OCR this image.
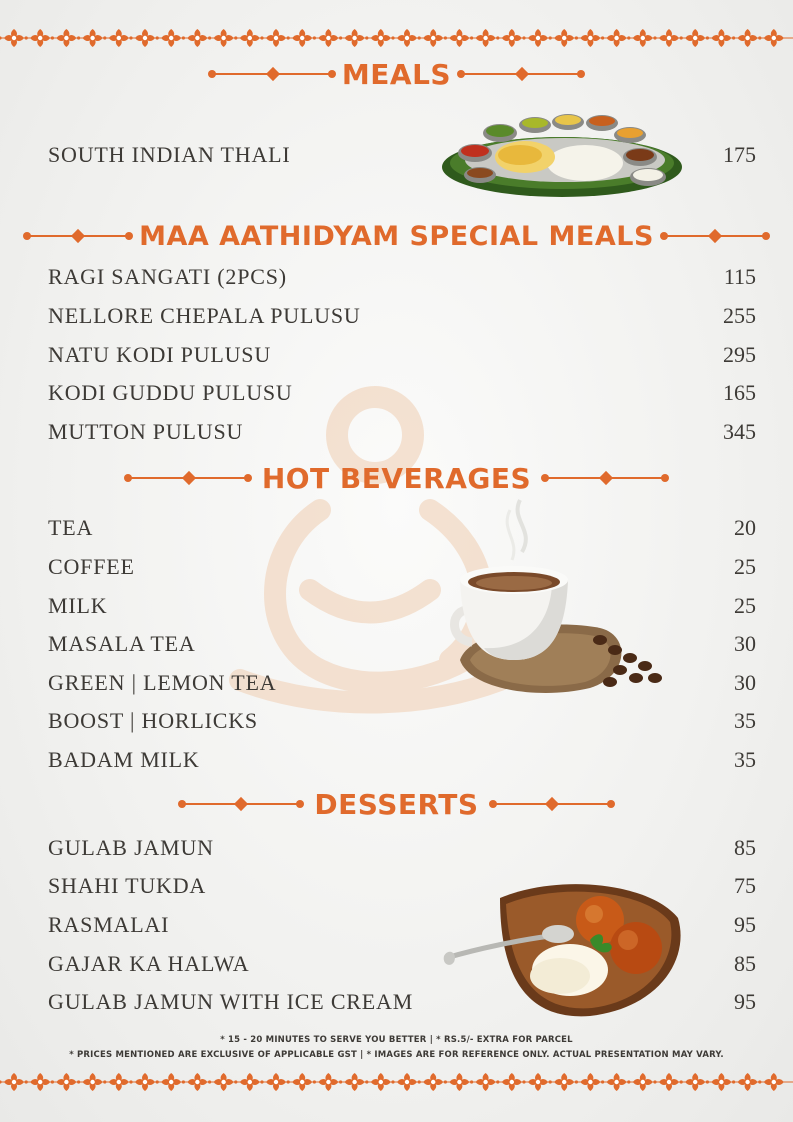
MEALS
SOUTH INDIAN THALI	175
MAA AATHIDYAM SPECIAL MEALS
RAGI SANGATI (2PCS)	115
NELLORE CHEPALA PULUSU	255
NATU KODI PULUSU	295
KODI GUDDU PULUSU	165
MUTTON PULUSU	345
HOT BEVERAGES
TEA	20
COFFEE	25
MILK	25
MASALA TEA	30
GREEN | LEMON TEA	30
BOOST | HORLICKS	35
BADAM MILK	35
DESSERTS
GULAB JAMUN	85
SHAHI TUKDA	75
RASMALAI	95
GAJAR KA HALWA	85
GULAB JAMUN WITH ICE CREAM	95
* 15 - 20 MINUTES TO SERVE YOU BETTER | * RS.5/- EXTRA FOR PARCEL
* PRICES MENTIONED ARE EXCLUSIVE OF APPLICABLE GST | * IMAGES ARE FOR REFERENCE ONLY. ACTUAL PRESENTATION MAY VARY.
